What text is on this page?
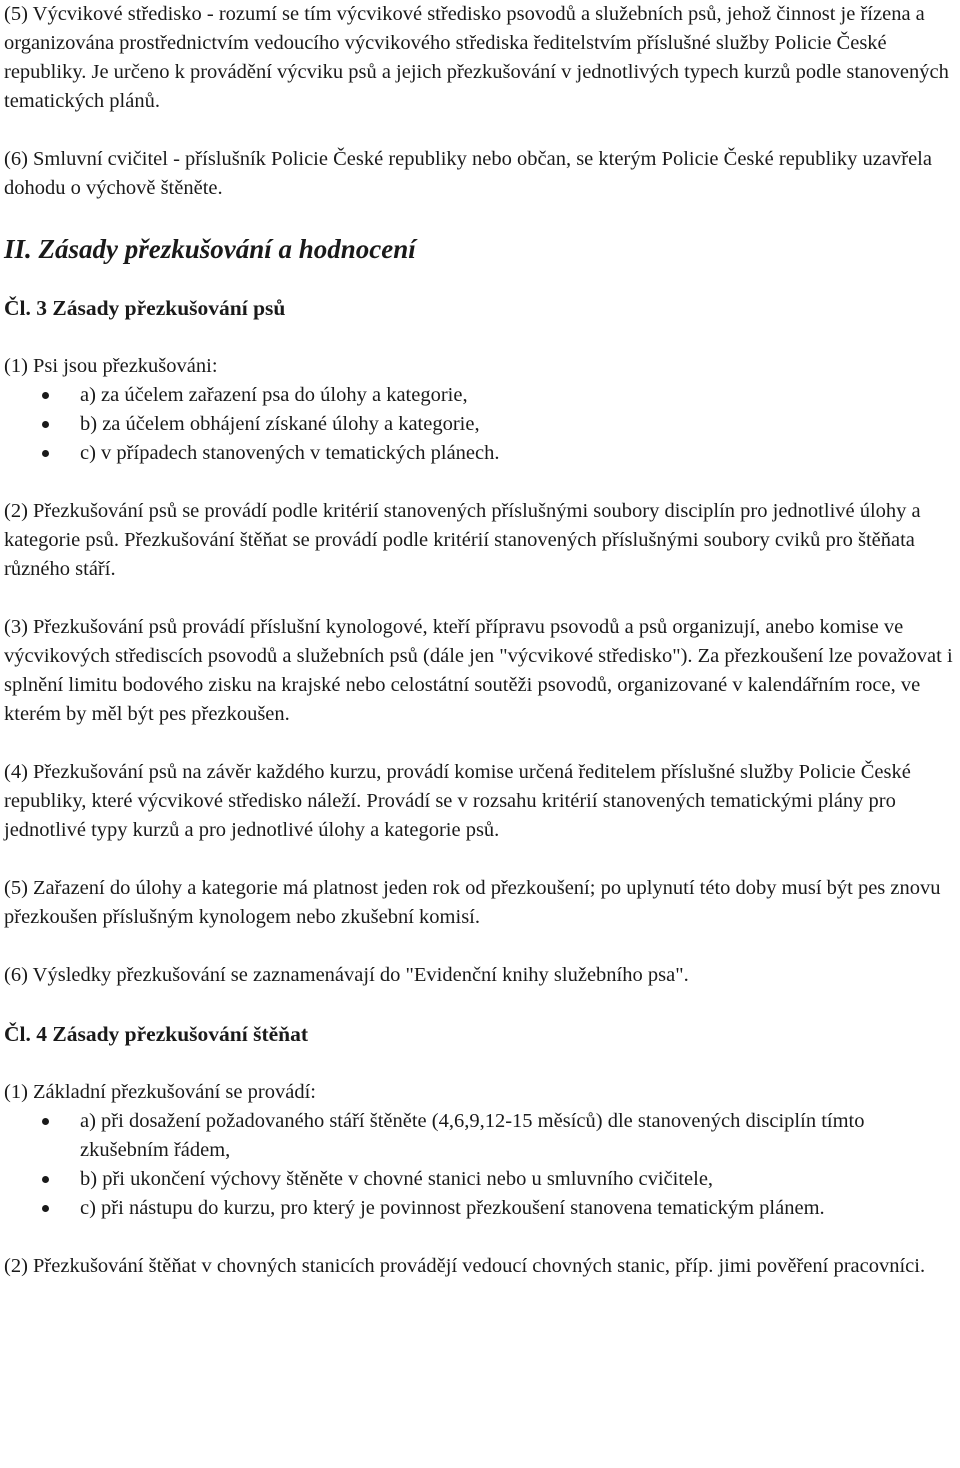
(5) Výcvikové středisko - rozumí se tím výcvikové středisko psovodů a služebních psů, jehož činnost je řízena a organizována prostřednictvím vedoucího výcvikového střediska ředitelstvím příslušné služby Policie České republiky. Je určeno k provádění výcviku psů a jejich přezkušování v jednotlivých typech kurzů podle stanovených tematických plánů.

(6) Smluvní cvičitel - příslušník Policie České republiky nebo občan, se kterým Policie České republiky uzavřela dohodu o výchově štěněte.

II. Zásady přezkušování a hodnocení
Čl. 3 Zásady přezkušování psů

(1) Psi jsou přezkušováni:

a) za účelem zařazení psa do úlohy a kategorie,
b) za účelem obhájení získané úlohy a kategorie,
c) v případech stanovených v tematických plánech.

(2) Přezkušování psů se provádí podle kritérií stanovených příslušnými soubory disciplín pro jednotlivé úlohy a kategorie psů. Přezkušování štěňat se provádí podle kritérií stanovených příslušnými soubory cviků pro štěňata různého stáří.

(3) Přezkušování psů provádí příslušní kynologové, kteří přípravu psovodů a psů organizují, anebo komise ve výcvikových střediscích psovodů a služebních psů (dále jen "výcvikové středisko"). Za přezkoušení lze považovat i splnění limitu bodového zisku na krajské nebo celostátní soutěži psovodů, organizované v kalendářním roce, ve kterém by měl být pes přezkoušen.

(4) Přezkušování psů na závěr každého kurzu, provádí komise určená ředitelem příslušné služby Policie České republiky, které výcvikové středisko náleží. Provádí se v rozsahu kritérií stanovených tematickými plány pro jednotlivé typy kurzů a pro jednotlivé úlohy a kategorie psů.

(5) Zařazení do úlohy a kategorie má platnost jeden rok od přezkoušení; po uplynutí této doby musí být pes znovu přezkoušen příslušným kynologem nebo zkušební komisí.

(6) Výsledky přezkušování se zaznamenávají do "Evidenční knihy služebního psa".

Čl. 4 Zásady přezkušování štěňat

(1) Základní přezkušování se provádí:

a) při dosažení požadovaného stáří štěněte (4,6,9,12-15 měsíců) dle stanovených disciplín tímto zkušebním řádem,
b) při ukončení výchovy štěněte v chovné stanici nebo u smluvního cvičitele,
c) při nástupu do kurzu, pro který je povinnost přezkoušení stanovena tematickým plánem.

(2) Přezkušování štěňat v chovných stanicích provádějí vedoucí chovných stanic, příp. jimi pověření pracovníci.
